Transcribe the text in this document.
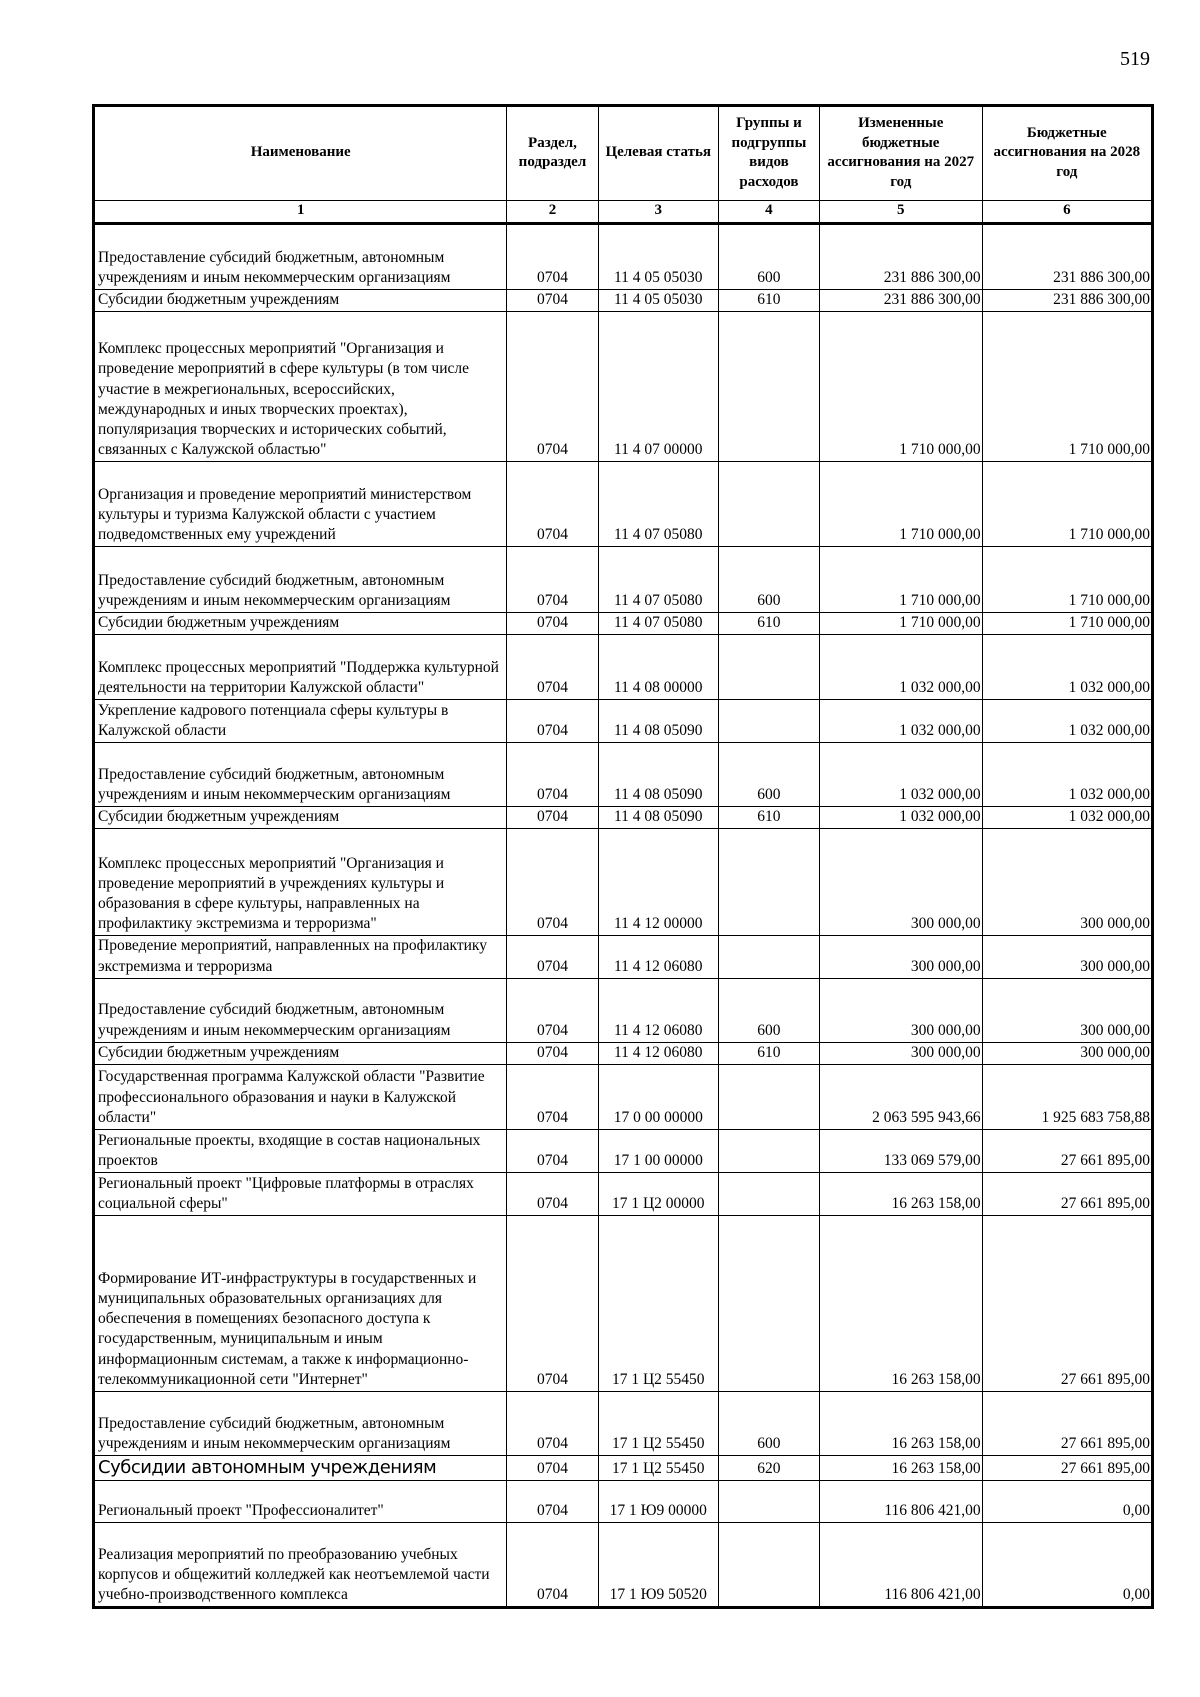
519
Наименование	Раздел, подраздел	Целевая статья	Группы и подгруппы видов расходов	Измененные бюджетные ассигнования на 2027 год	Бюджетные ассигнования на 2028 год
1	2	3	4	5	6
Предоставление субсидий бюджетным, автономным учреждениям и иным некоммерческим организациям	0704	11 4 05 05030	600	231 886 300,00	231 886 300,00
Субсидии бюджетным учреждениям	0704	11 4 05 05030	610	231 886 300,00	231 886 300,00
Комплекс процессных мероприятий "Организация и проведение мероприятий в сфере культуры (в том числе участие в межрегиональных, всероссийских, международных и иных творческих проектах), популяризация творческих и исторических событий, связанных с Калужской областью"	0704	11 4 07 00000		1 710 000,00	1 710 000,00
Организация и проведение мероприятий министерством культуры и туризма Калужской области с участием подведомственных ему учреждений	0704	11 4 07 05080		1 710 000,00	1 710 000,00
Предоставление субсидий бюджетным, автономным учреждениям и иным некоммерческим организациям	0704	11 4 07 05080	600	1 710 000,00	1 710 000,00
Субсидии бюджетным учреждениям	0704	11 4 07 05080	610	1 710 000,00	1 710 000,00
Комплекс процессных мероприятий "Поддержка культурной деятельности на территории Калужской области"	0704	11 4 08 00000		1 032 000,00	1 032 000,00
Укрепление кадрового потенциала сферы культуры в Калужской области	0704	11 4 08 05090		1 032 000,00	1 032 000,00
Предоставление субсидий бюджетным, автономным учреждениям и иным некоммерческим организациям	0704	11 4 08 05090	600	1 032 000,00	1 032 000,00
Субсидии бюджетным учреждениям	0704	11 4 08 05090	610	1 032 000,00	1 032 000,00
Комплекс процессных мероприятий "Организация и проведение мероприятий в учреждениях культуры и образования в сфере культуры, направленных на профилактику экстремизма и терроризма"	0704	11 4 12 00000		300 000,00	300 000,00
Проведение мероприятий, направленных на профилактику экстремизма и терроризма	0704	11 4 12 06080		300 000,00	300 000,00
Предоставление субсидий бюджетным, автономным учреждениям и иным некоммерческим организациям	0704	11 4 12 06080	600	300 000,00	300 000,00
Субсидии бюджетным учреждениям	0704	11 4 12 06080	610	300 000,00	300 000,00
Государственная программа Калужской области "Развитие профессионального образования и науки в Калужской области"	0704	17 0 00 00000		2 063 595 943,66	1 925 683 758,88
Региональные проекты, входящие в состав национальных проектов	0704	17 1 00 00000		133 069 579,00	27 661 895,00
Региональный проект "Цифровые платформы в отраслях социальной сферы"	0704	17 1 Ц2 00000		16 263 158,00	27 661 895,00
Формирование ИТ-инфраструктуры в государственных и муниципальных образовательных организациях для обеспечения в помещениях безопасного доступа к государственным, муниципальным и иным информационным системам, а также к информационно-телекоммуникационной сети "Интернет"	0704	17 1 Ц2 55450		16 263 158,00	27 661 895,00
Предоставление субсидий бюджетным, автономным учреждениям и иным некоммерческим организациям	0704	17 1 Ц2 55450	600	16 263 158,00	27 661 895,00
Субсидии автономным учреждениям	0704	17 1 Ц2 55450	620	16 263 158,00	27 661 895,00
Региональный проект "Профессионалитет"	0704	17 1 Ю9 00000		116 806 421,00	0,00
Реализация мероприятий по преобразованию учебных корпусов и общежитий колледжей как неотъемлемой части учебно-производственного комплекса	0704	17 1 Ю9 50520		116 806 421,00	0,00
